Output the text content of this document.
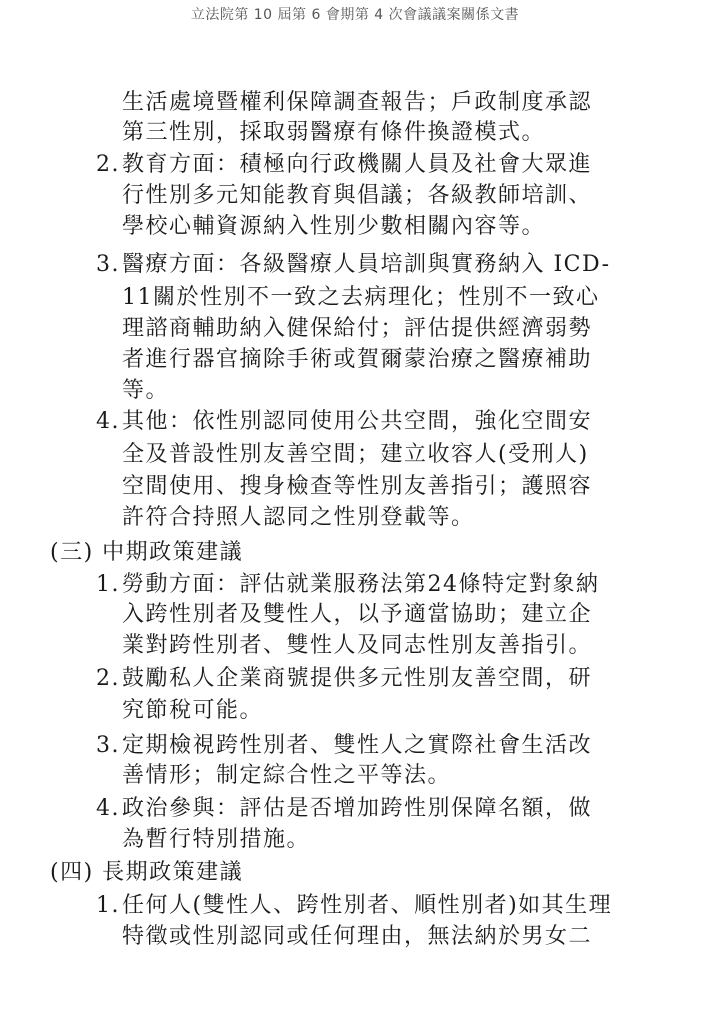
立法院第 10 屆第 6 會期第 4 次會議議案關係文書
生活處境暨權利保障調查報告；戶政制度承認
第三性別，採取弱醫療有條件換證模式。
2.教育方面：積極向行政機關人員及社會大眾進
行性別多元知能教育與倡議；各級教師培訓、
學校心輔資源納入性別少數相關內容等。
3.醫療方面：各級醫療人員培訓與實務納入 ICD-
11關於性別不一致之去病理化；性別不一致心
理諮商輔助納入健保給付；評估提供經濟弱勢
者進行器官摘除手術或賀爾蒙治療之醫療補助
等。
4.其他：依性別認同使用公共空間，強化空間安
全及普設性別友善空間；建立收容人(受刑人)
空間使用、搜身檢查等性別友善指引；護照容
許符合持照人認同之性別登載等。
(三) 中期政策建議
1.勞動方面：評估就業服務法第24條特定對象納
入跨性別者及雙性人，以予適當協助；建立企
業對跨性別者、雙性人及同志性別友善指引。
2.鼓勵私人企業商號提供多元性別友善空間，研
究節稅可能。
3.定期檢視跨性別者、雙性人之實際社會生活改
善情形；制定綜合性之平等法。
4.政治參與：評估是否增加跨性別保障名額，做
為暫行特別措施。
(四) 長期政策建議
1.任何人(雙性人、跨性別者、順性別者)如其生理
特徵或性別認同或任何理由，無法納於男女二
